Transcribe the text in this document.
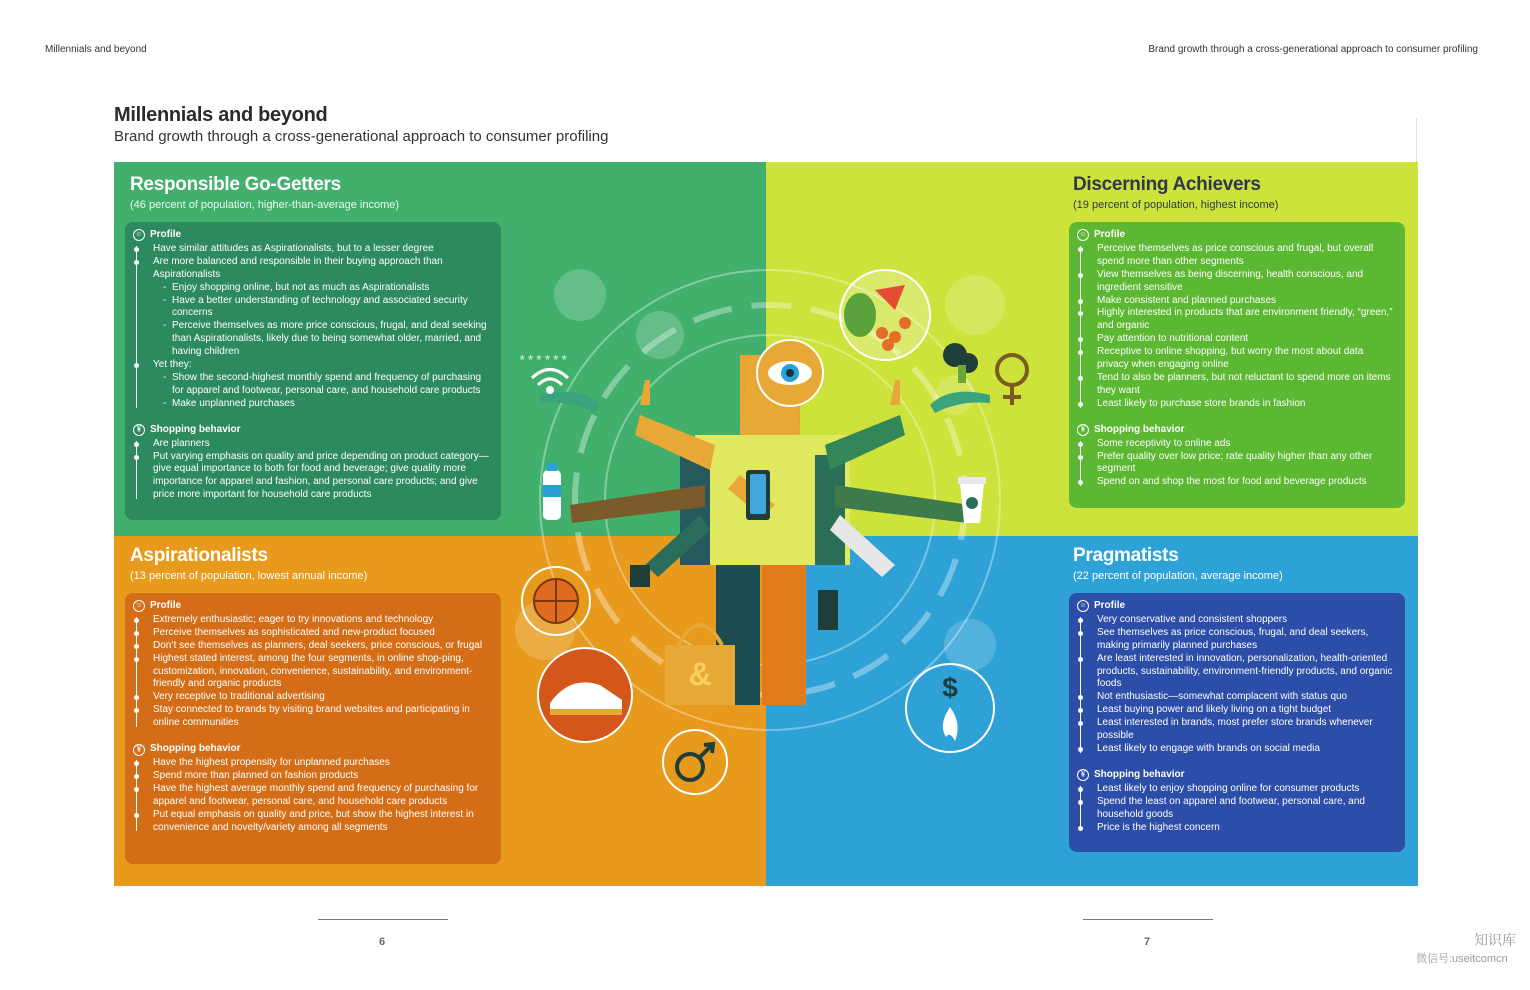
Millennials and beyond	Brand growth through a cross-generational approach to consumer profiling
Millennials and beyond
Brand growth through a cross-generational approach to consumer profiling
******
&	$
Responsible Go-Getters
(46 percent of population, higher-than-average income)
☺ Profile
Have similar attitudes as Aspirationalists, but to a lesser degree
Are more balanced and responsible in their buying approach than Aspirationalists
- Enjoy shopping online, but not as much as Aspirationalists
- Have a better understanding of technology and associated security concerns
- Perceive themselves as more price conscious, frugal, and deal seeking than Aspirationalists, likely due to being somewhat older, married, and having children
Yet they:
- Show the second-highest monthly spend and frequency of purchasing for apparel and footwear, personal care, and household care products
- Make unplanned purchases
￥ Shopping behavior
Are planners
Put varying emphasis on quality and price depending on product category—give equal importance to both for food and beverage; give quality more importance for apparel and fashion, and personal care products; and give price more important for household care products
Discerning Achievers
(19 percent of population, highest income)
☺ Profile
Perceive themselves as price conscious and frugal, but overall spend more than other segments
View themselves as being discerning, health conscious, and ingredient sensitive
Make consistent and planned purchases
Highly interested in products that are environment friendly, “green,” and organic
Pay attention to nutritional content
Receptive to online shopping, but worry the most about data privacy when engaging online
Tend to also be planners, but not reluctant to spend more on items they want
Least likely to purchase store brands in fashion
￥ Shopping behavior
Some receptivity to online ads
Prefer quality over low price; rate quality higher than any other segment
Spend on and shop the most for food and beverage products
Aspirationalists
(13 percent of population, lowest annual income)
☺ Profile
Extremely enthusiastic; eager to try innovations and technology
Perceive themselves as sophisticated and new-product focused
Don’t see themselves as planners, deal seekers, price conscious, or frugal
Highest stated interest, among the four segments, in online shop-ping, customization, innovation, convenience, sustainability, and environment-friendly and organic products
Very receptive to traditional advertising
Stay connected to brands by visiting brand websites and participating in online communities
￥ Shopping behavior
Have the highest propensity for unplanned purchases
Spend more than planned on fashion products
Have the highest average monthly spend and frequency of purchasing for apparel and footwear, personal care, and household care products
Put equal emphasis on quality and price, but show the highest interest in convenience and novelty/variety among all segments
Pragmatists
(22 percent of population, average income)
☺ Profile
Very conservative and consistent shoppers
See themselves as price conscious, frugal, and deal seekers, making primarily planned purchases
Are least interested in innovation, personalization, health-oriented products, sustainability, environment-friendly products, and organic foods
Not enthusiastic—somewhat complacent with status quo
Least buying power and likely living on a tight budget
Least interested in brands, most prefer store brands whenever possible
Least likely to engage with brands on social media
￥ Shopping behavior
Least likely to enjoy shopping online for consumer products
Spend the least on apparel and footwear, personal care, and household goods
Price is the highest concern
6	7	知识库
微信号:useitcomcn
